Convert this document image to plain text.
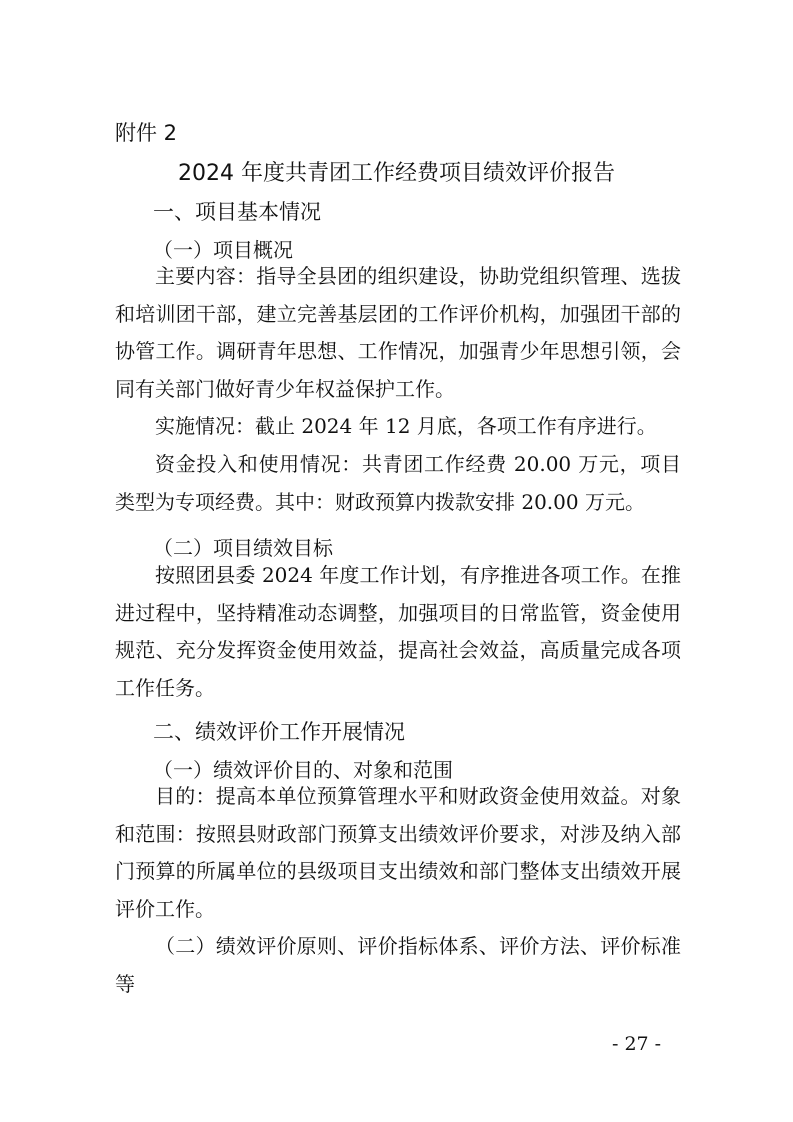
附件 2
2024 年度共青团工作经费项目绩效评价报告
一、项目基本情况
（一）项目概况
主要内容：指导全县团的组织建设，协助党组织管理、选拔和培训团干部，建立完善基层团的工作评价机构，加强团干部的协管工作。调研青年思想、工作情况，加强青少年思想引领，会同有关部门做好青少年权益保护工作。
实施情况：截止 2024 年 12 月底，各项工作有序进行。
资金投入和使用情况：共青团工作经费 20.00 万元，项目类型为专项经费。其中：财政预算内拨款安排 20.00 万元。
（二）项目绩效目标
按照团县委 2024 年度工作计划，有序推进各项工作。在推进过程中，坚持精准动态调整，加强项目的日常监管，资金使用规范、充分发挥资金使用效益，提高社会效益，高质量完成各项工作任务。
二、绩效评价工作开展情况
（一）绩效评价目的、对象和范围
目的：提高本单位预算管理水平和财政资金使用效益。对象和范围：按照县财政部门预算支出绩效评价要求，对涉及纳入部门预算的所属单位的县级项目支出绩效和部门整体支出绩效开展评价工作。
（二）绩效评价原则、评价指标体系、评价方法、评价标准等
- 27 -
